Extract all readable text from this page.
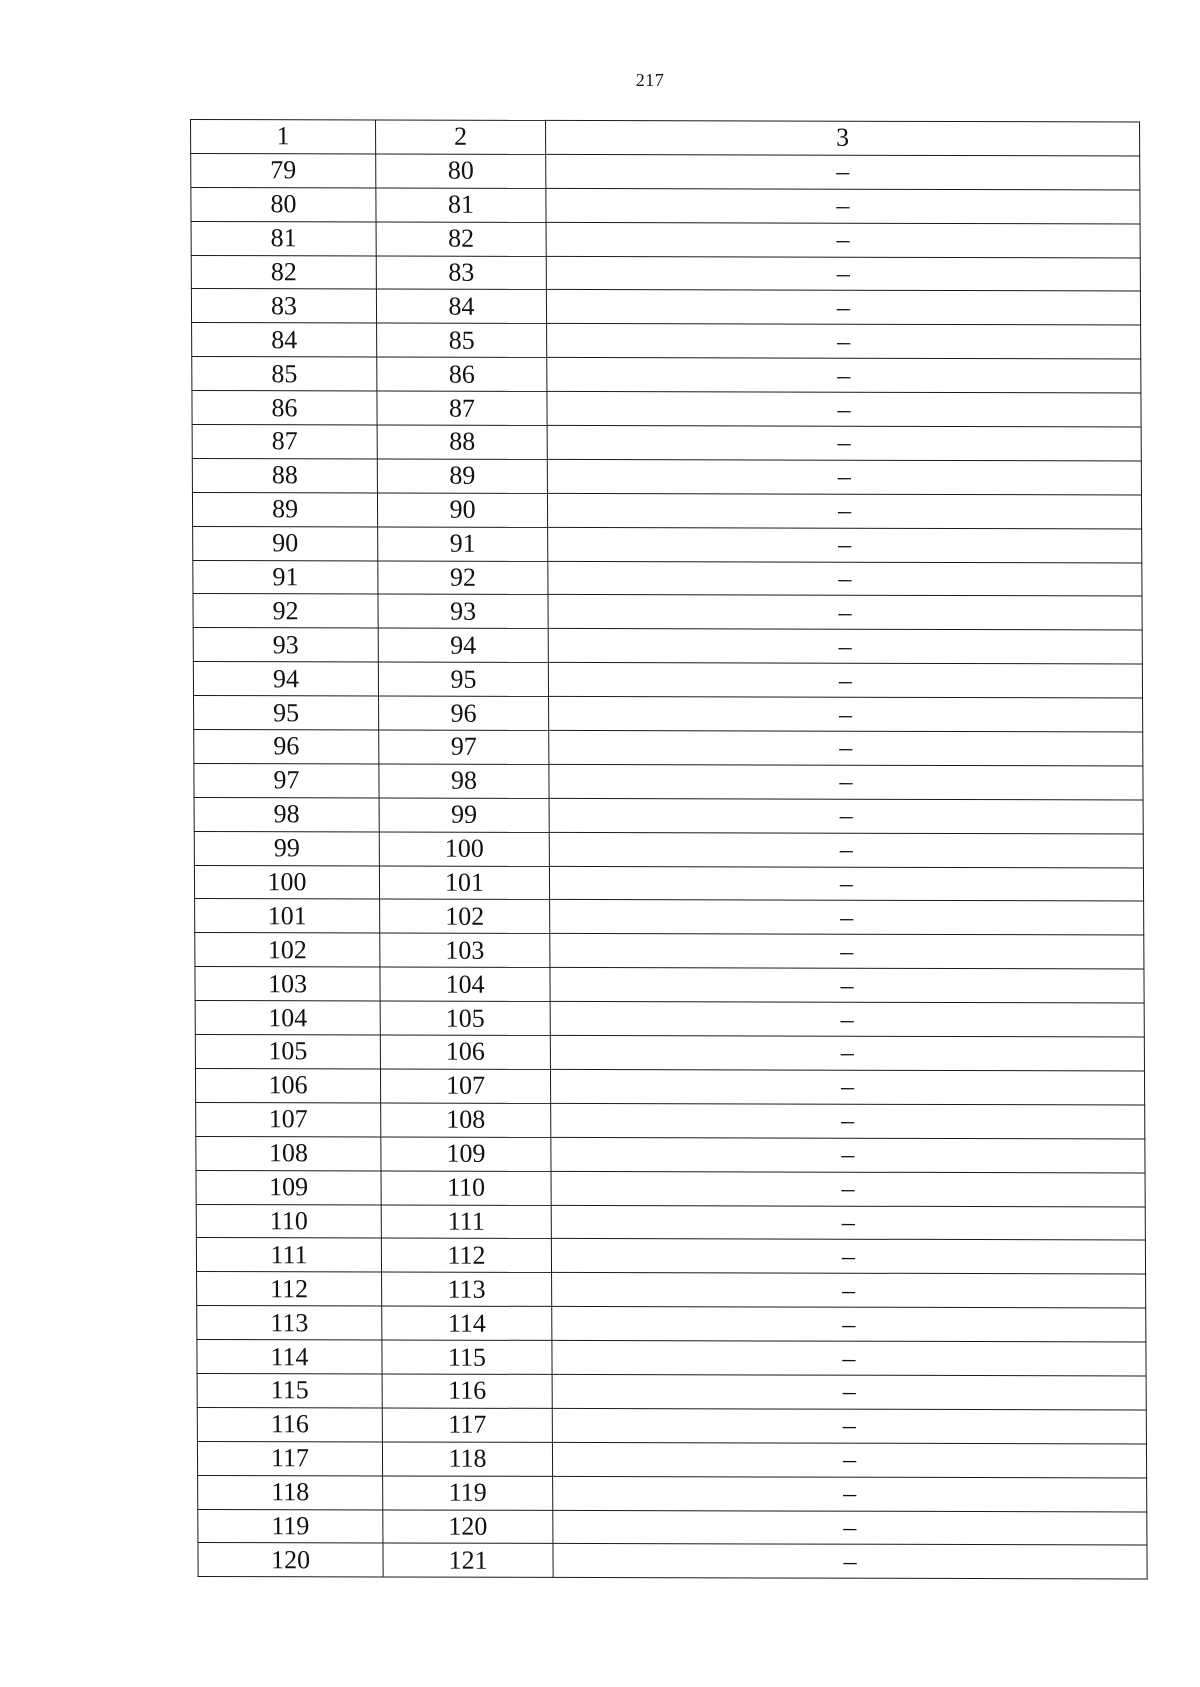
217
1	2	3
79	80	–
80	81	–
81	82	–
82	83	–
83	84	–
84	85	–
85	86	–
86	87	–
87	88	–
88	89	–
89	90	–
90	91	–
91	92	–
92	93	–
93	94	–
94	95	–
95	96	–
96	97	–
97	98	–
98	99	–
99	100	–
100	101	–
101	102	–
102	103	–
103	104	–
104	105	–
105	106	–
106	107	–
107	108	–
108	109	–
109	110	–
110	111	–
111	112	–
112	113	–
113	114	–
114	115	–
115	116	–
116	117	–
117	118	–
118	119	–
119	120	–
120	121	–
